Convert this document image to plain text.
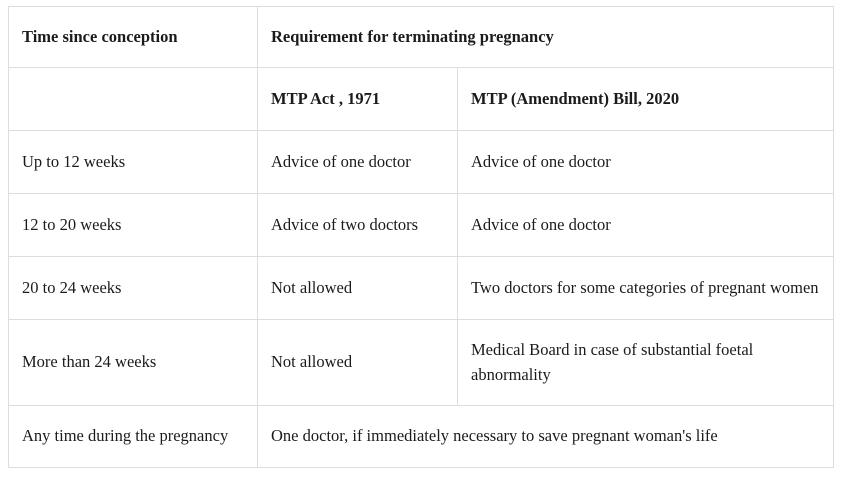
Time since conception	Requirement for terminating pregnancy	
	MTP Act , 1971	MTP (Amendment) Bill, 2020
Up to 12 weeks	Advice of one doctor	Advice of one doctor
12 to 20 weeks	Advice of two doctors	Advice of one doctor
20 to 24 weeks	Not allowed	Two doctors for some categories of pregnant women
More than 24 weeks	Not allowed	Medical Board in case of substantial foetal abnormality
Any time during the pregnancy	One doctor, if immediately necessary to save pregnant woman's life	
